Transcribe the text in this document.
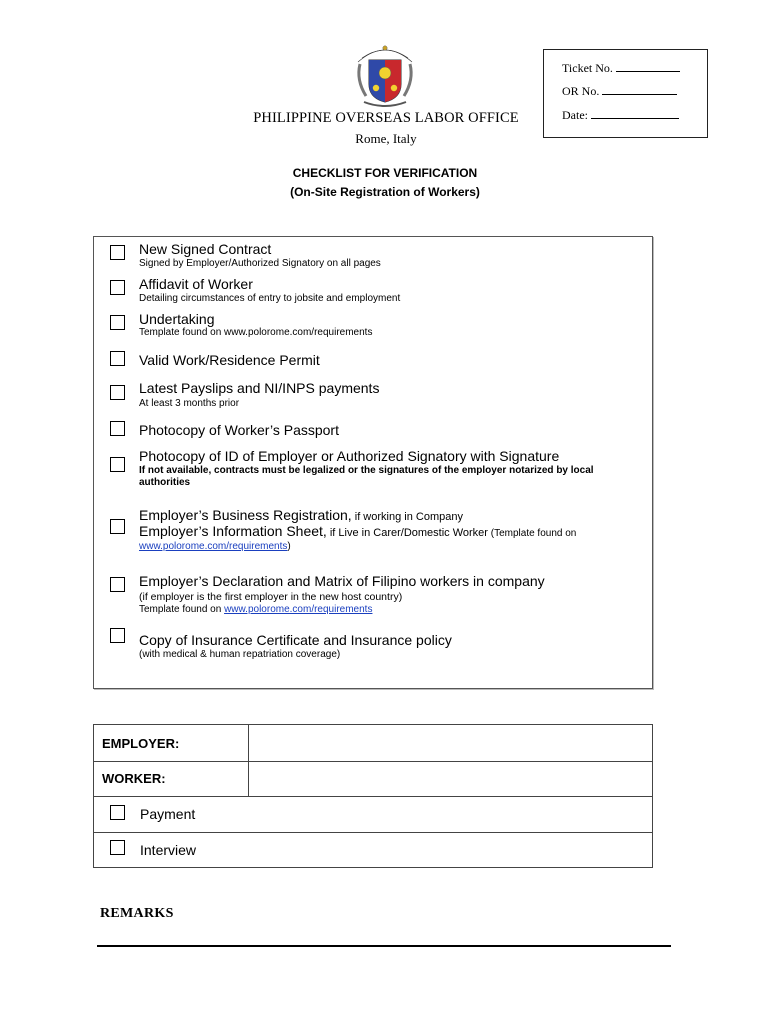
PHILIPPINE OVERSEAS LABOR OFFICE
Rome, Italy
Ticket No.
OR No.
Date:
CHECKLIST FOR VERIFICATION
(On-Site Registration of Workers)
New Signed Contract
Signed by Employer/Authorized Signatory on all pages
Affidavit of Worker
Detailing circumstances of entry to jobsite and employment
Undertaking
Template found on www.polorome.com/requirements
Valid Work/Residence Permit
Latest Payslips and NI/INPS payments
At least 3 months prior
Photocopy of Worker’s Passport
Photocopy of ID of Employer or Authorized Signatory with Signature
If not available, contracts must be legalized or the signatures of the employer notarized by local
authorities
Employer’s Business Registration, if working in Company
Employer’s Information Sheet, if Live in Carer/Domestic Worker (Template found on
www.polorome.com/requirements)
Employer’s Declaration and Matrix of Filipino workers in company
(if employer is the first employer in the new host country)
Template found on www.polorome.com/requirements
Copy of Insurance Certificate and Insurance policy
(with medical & human repatriation coverage)
EMPLOYER:
WORKER:
Payment
Interview
REMARKS
